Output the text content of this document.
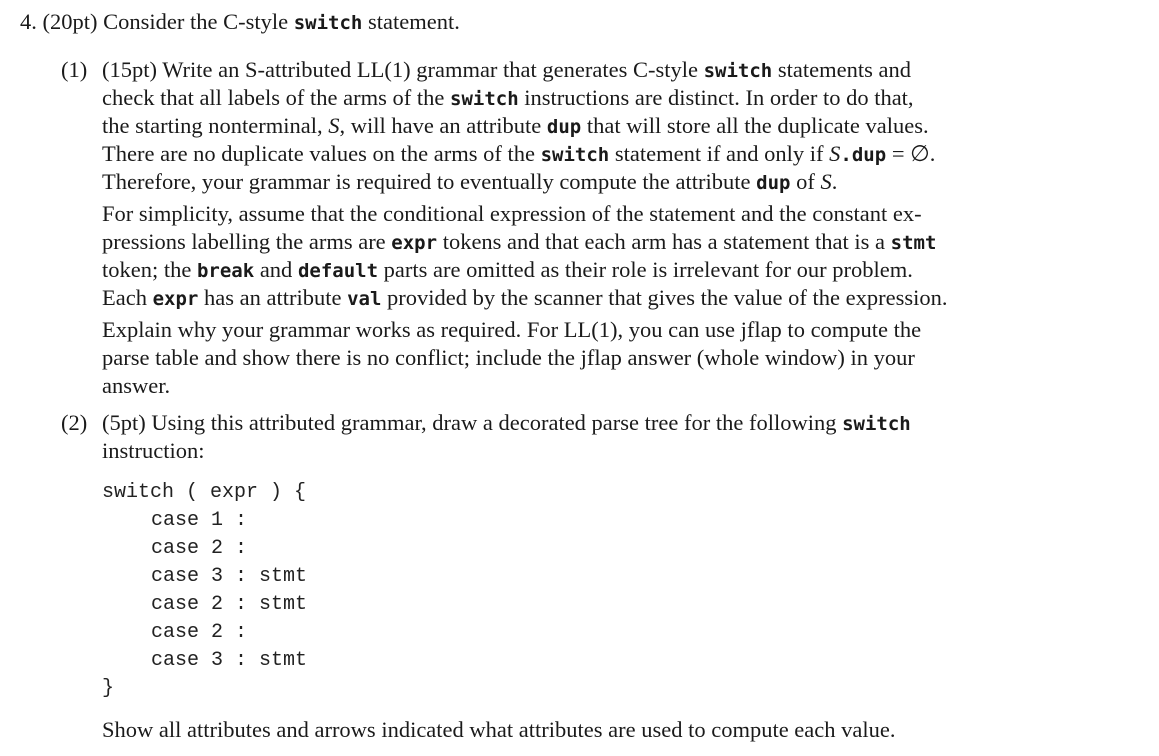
4. (20pt) Consider the C-style switch statement.
(1) (15pt) Write an S-attributed LL(1) grammar that generates C-style switch statements and
check that all labels of the arms of the switch instructions are distinct. In order to do that,
the starting nonterminal, S, will have an attribute dup that will store all the duplicate values.
There are no duplicate values on the arms of the switch statement if and only if S.dup = ∅.
Therefore, your grammar is required to eventually compute the attribute dup of S.
For simplicity, assume that the conditional expression of the statement and the constant ex-
pressions labelling the arms are expr tokens and that each arm has a statement that is a stmt
token; the break and default parts are omitted as their role is irrelevant for our problem.
Each expr has an attribute val provided by the scanner that gives the value of the expression.
Explain why your grammar works as required. For LL(1), you can use jflap to compute the
parse table and show there is no conflict; include the jflap answer (whole window) in your
answer.
(2) (5pt) Using this attributed grammar, draw a decorated parse tree for the following switch
instruction:
switch ( expr ) {
case 1 :
case 2 :
case 3 : stmt
case 2 : stmt
case 2 :
case 3 : stmt
}
Show all attributes and arrows indicated what attributes are used to compute each value.
